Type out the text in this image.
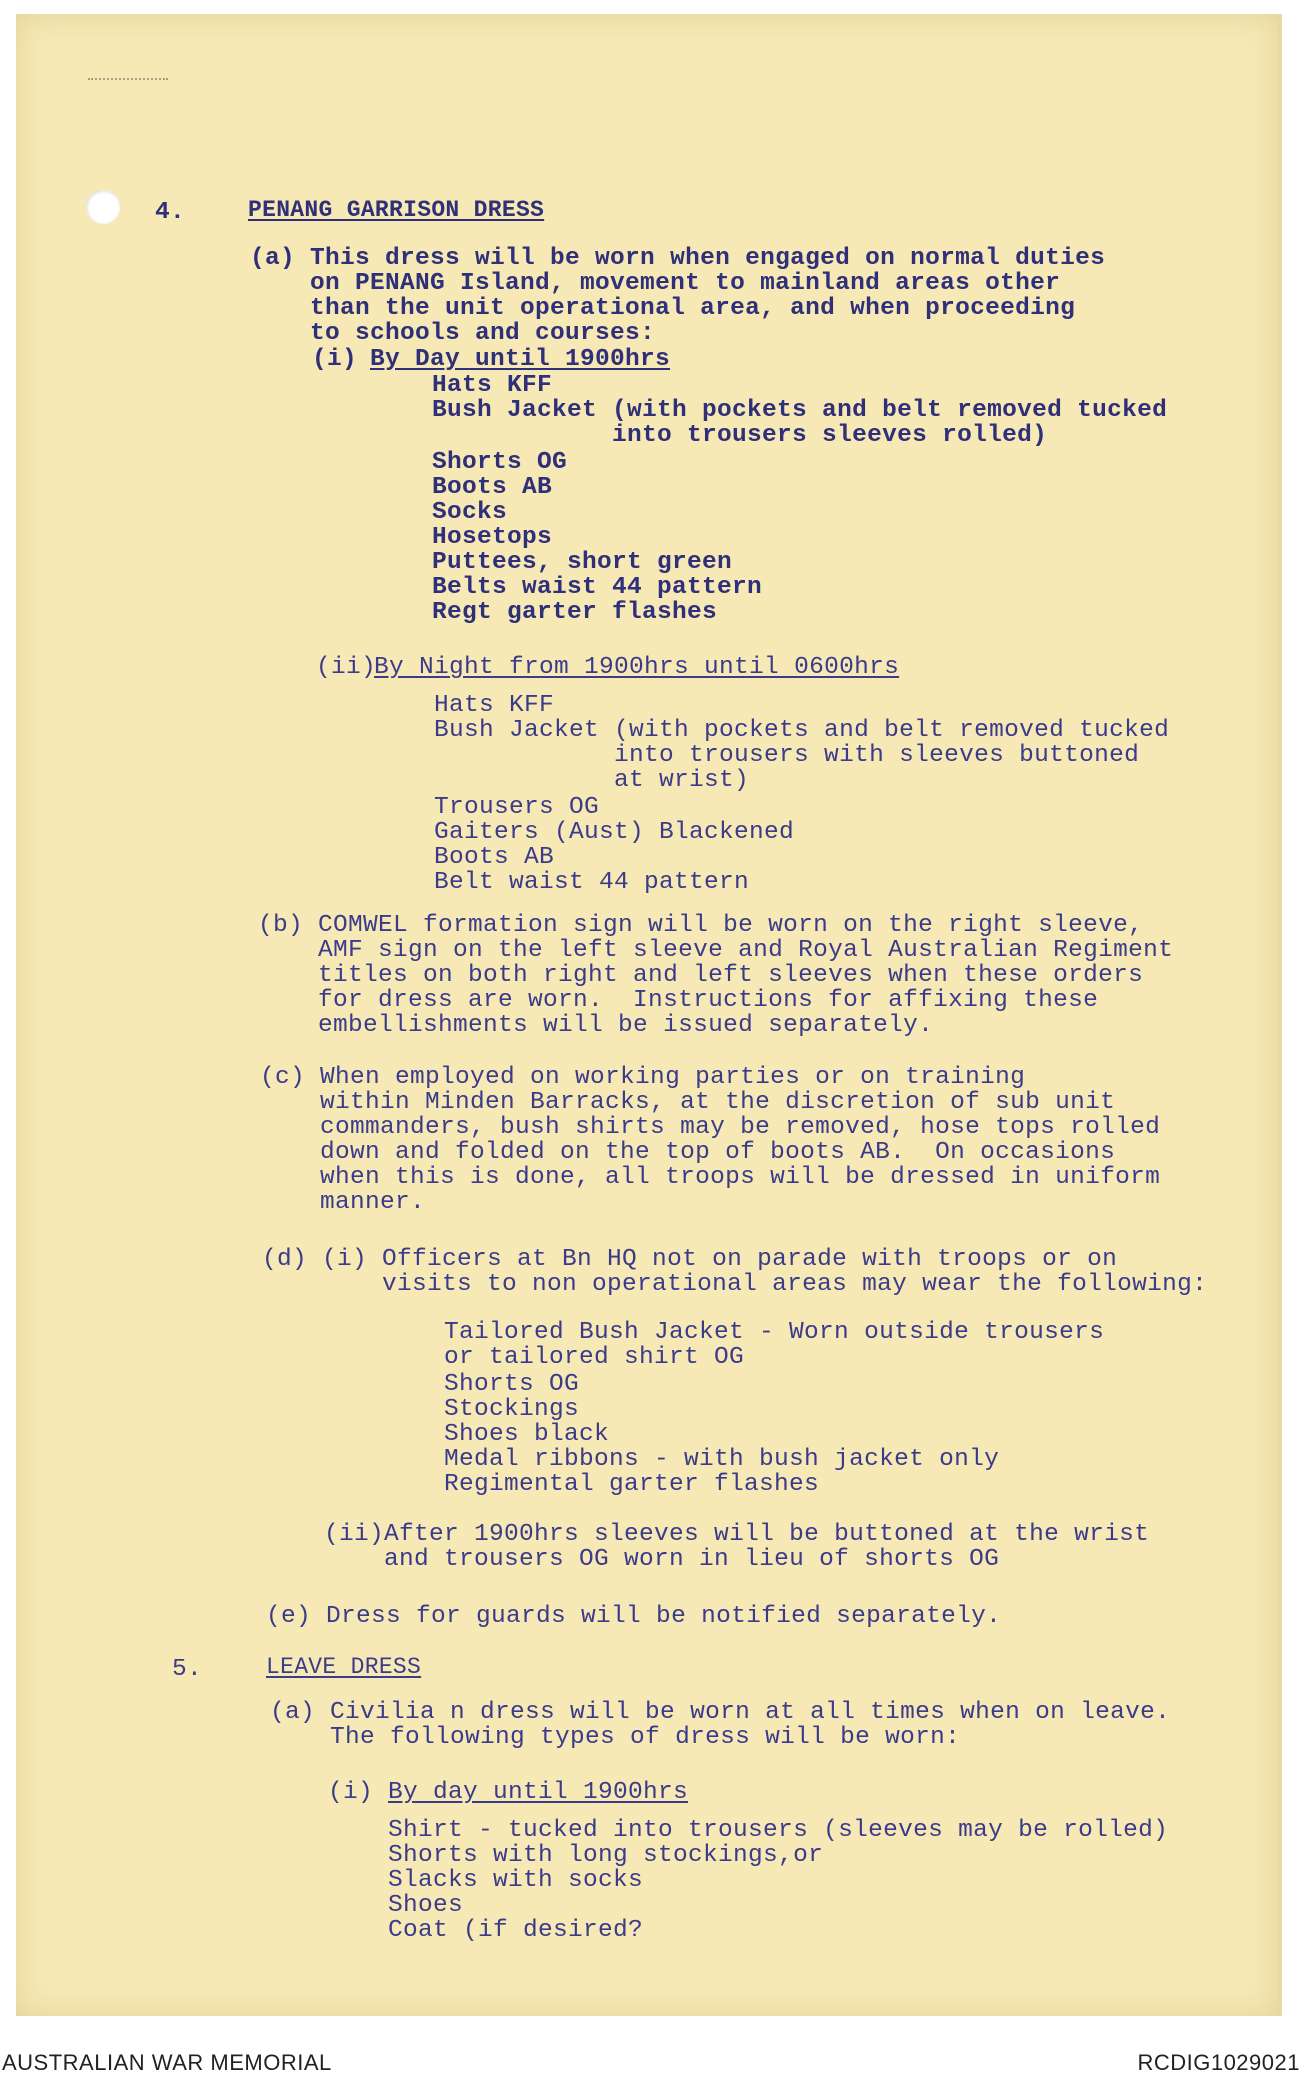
4.	PENANG GARRISON DRESS

(a) This dress will be worn when engaged on normal duties

on PENANG Island, movement to mainland areas other

than the unit operational area, and when proceeding

to schools and courses:

(i) By Day until 1900hrs

Hats KFF

Bush Jacket (with pockets and belt removed tucked

into trousers sleeves rolled)

Shorts OG

Boots AB

Socks

Hosetops

Puttees, short green

Belts waist 44 pattern

Regt garter flashes

(ii)

By Night from 1900hrs until 0600hrs

Hats KFF

Bush Jacket (with pockets and belt removed tucked

into trousers with sleeves buttoned

at wrist)

Trousers OG

Gaiters (Aust) Blackened

Boots AB

Belt waist 44 pattern

(b) COMWEL formation sign will be worn on the right sleeve,

AMF sign on the left sleeve and Royal Australian Regiment

titles on both right and left sleeves when these orders

for dress are worn.  Instructions for affixing these

embellishments will be issued separately.

(c) When employed on working parties or on training

within Minden Barracks, at the discretion of sub unit

commanders, bush shirts may be removed, hose tops rolled

down and folded on the top of boots AB.  On occasions

when this is done, all troops will be dressed in uniform

manner.

(d) (i) Officers at Bn HQ not on parade with troops or on

visits to non operational areas may wear the following:

Tailored Bush Jacket - Worn outside trousers

or tailored shirt OG

Shorts OG

Stockings

Shoes black

Medal ribbons - with bush jacket only

Regimental garter flashes

(ii)After 1900hrs sleeves will be buttoned at the wrist

and trousers OG worn in lieu of shorts OG

(e) Dress for guards will be notified separately.

5.	LEAVE DRESS

(a) Civilia n dress will be worn at all times when on leave.

The following types of dress will be worn:

(i) By day until 1900hrs

Shirt - tucked into trousers (sleeves may be rolled)

Shorts with long stockings,or

Slacks with socks

Shoes

Coat (if desired?

AUSTRALIAN WAR MEMORIAL	RCDIG1029021
